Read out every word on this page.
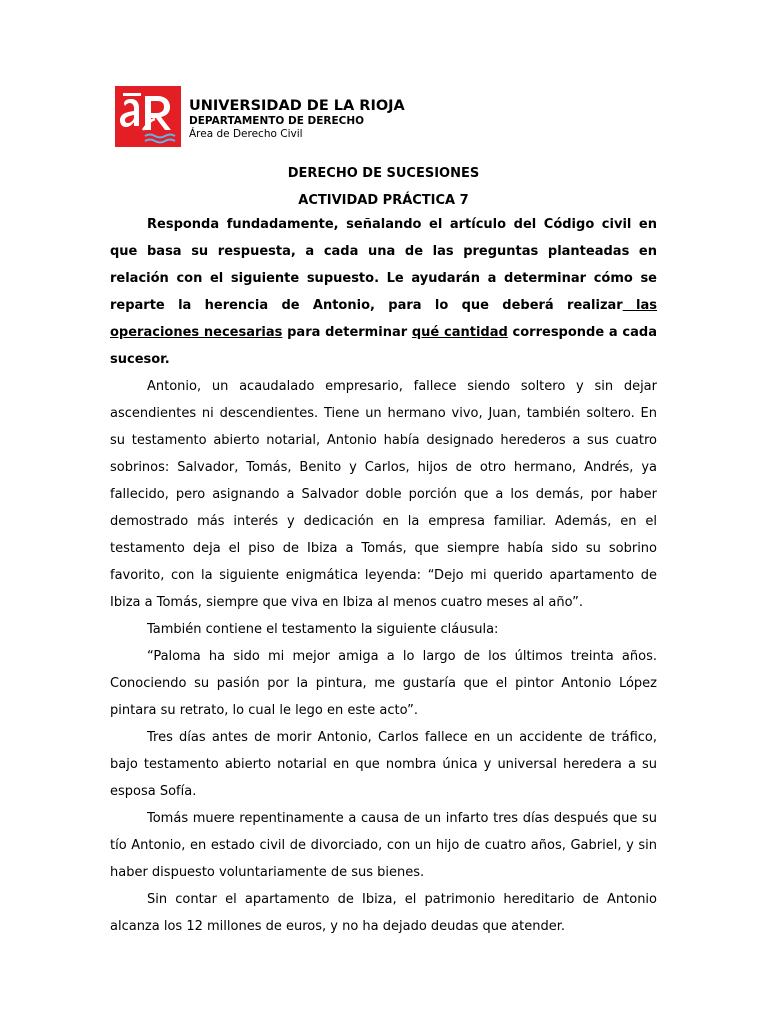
UNIVERSIDAD DE LA RIOJA
DEPARTAMENTO DE DERECHO
Área de Derecho Civil
DERECHO DE SUCESIONES
ACTIVIDAD PRÁCTICA 7

Responda fundadamente, señalando el artículo del Código civil en que basa su respuesta, a cada una de las preguntas planteadas en relación con el siguiente supuesto. Le ayudarán a determinar cómo se reparte la herencia de Antonio, para lo que deberá realizar las operaciones necesarias para determinar qué cantidad corresponde a cada sucesor.

Antonio, un acaudalado empresario, fallece siendo soltero y sin dejar ascendientes ni descendientes. Tiene un hermano vivo, Juan, también soltero. En su testamento abierto notarial, Antonio había designado herederos a sus cuatro sobrinos: Salvador, Tomás, Benito y Carlos, hijos de otro hermano, Andrés, ya fallecido, pero asignando a Salvador doble porción que a los demás, por haber demostrado más interés y dedicación en la empresa familiar. Además, en el testamento deja el piso de Ibiza a Tomás, que siempre había sido su sobrino favorito, con la siguiente enigmática leyenda: “Dejo mi querido apartamento de Ibiza a Tomás, siempre que viva en Ibiza al menos cuatro meses al año”.

También contiene el testamento la siguiente cláusula:

“Paloma ha sido mi mejor amiga a lo largo de los últimos treinta años. Conociendo su pasión por la pintura, me gustaría que el pintor Antonio López pintara su retrato, lo cual le lego en este acto”.

Tres días antes de morir Antonio, Carlos fallece en un accidente de tráfico, bajo testamento abierto notarial en que nombra única y universal heredera a su esposa Sofía.

Tomás muere repentinamente a causa de un infarto tres días después que su tío Antonio, en estado civil de divorciado, con un hijo de cuatro años, Gabriel, y sin haber dispuesto voluntariamente de sus bienes.

Sin contar el apartamento de Ibiza, el patrimonio hereditario de Antonio alcanza los 12 millones de euros, y no ha dejado deudas que atender.
